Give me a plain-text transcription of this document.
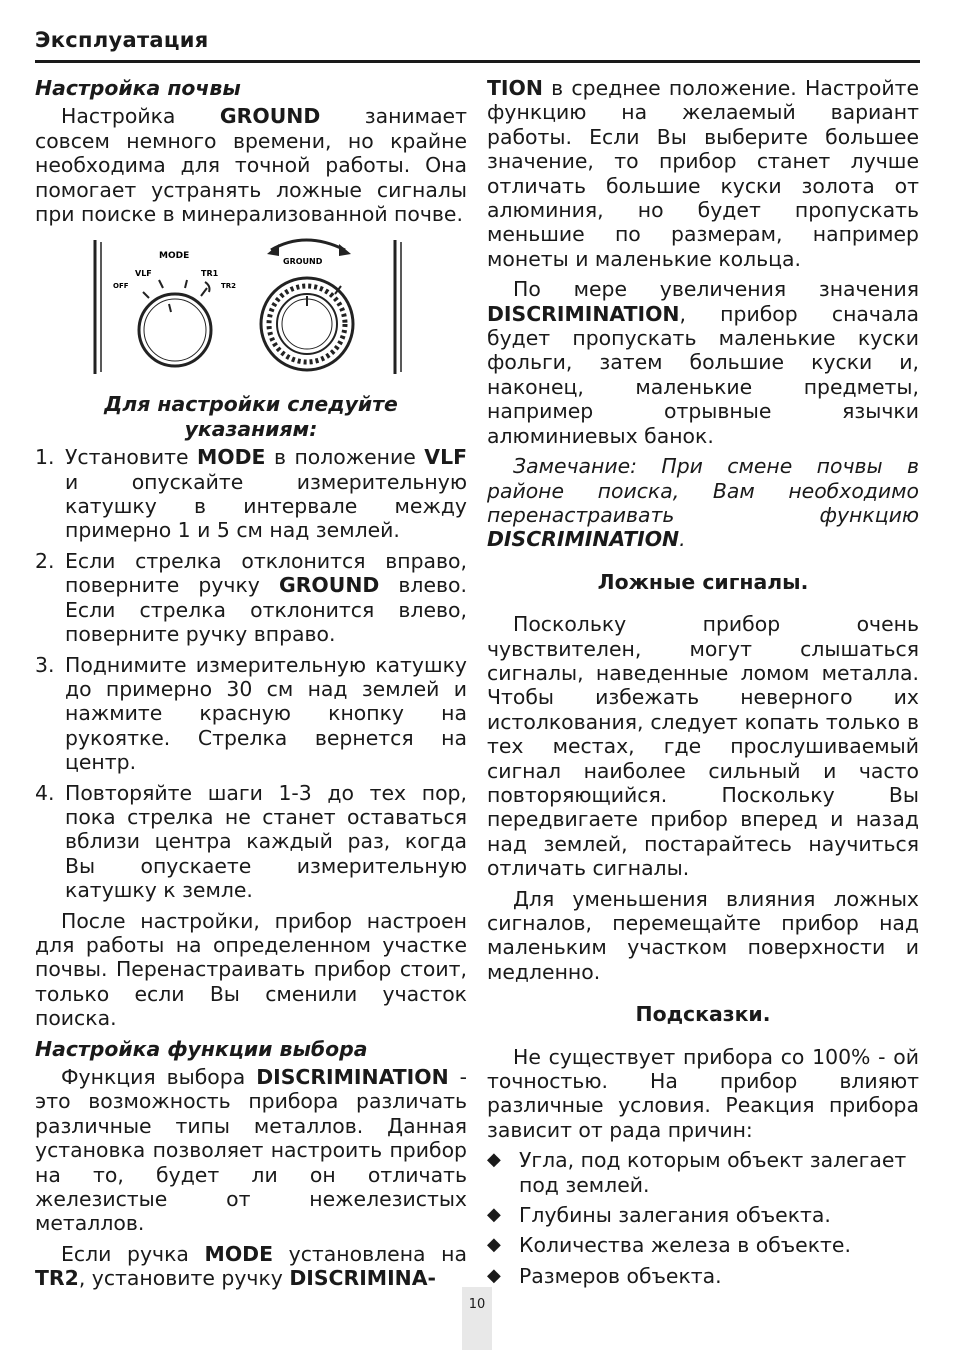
Эксплуатация

Настройка почвы

Настройка GROUND занимает совсем немного времени, но крайне необходима для точной работы. Она помогает устранять ложные сигналы при поиске в минерализованной почве.

MODE
VLF
OFF
TR1
TR2
GROUND

Для настройки следуйте указаниям:

1. Установите MODE в положение VLF и опускайте измерительную катушку в интервале между примерно 1 и 5 см над землей.
2. Если стрелка отклонится вправо, поверните ручку GROUND влево. Если стрелка отклонится влево, поверните ручку вправо.
3. Поднимите измерительную катушку до примерно 30 см над землей и нажмите красную кнопку на рукоятке. Стрелка вернется на центр.
4. Повторяйте шаги 1-3 до тех пор, пока стрелка не станет оставаться вблизи центра каждый раз, когда Вы опускаете измерительную катушку к земле.

После настройки, прибор настроен для работы на определенном участке почвы. Перенастраивать прибор стоит, только если Вы сменили участок поиска.

Настройка функции выбора

Функция выбора DISCRIMINATION - это возможность прибора различать различные типы металлов. Данная установка позволяет настроить прибор на то, будет ли он отличать железистые от нежелезистых металлов.

Если ручка MODE установлена на TR2, установите ручку DISCRIMINA-

TION в среднее положение. Настройте функцию на желаемый вариант работы. Если Вы выберите большее значение, то прибор станет лучше отличать большие куски золота от алюминия, но будет пропускать меньшие по размерам, например монеты и маленькие кольца.

По мере увеличения значения DISCRIMINATION, прибор сначала будет пропускать маленькие куски фольги, затем большие куски и, наконец, маленькие предметы, например отрывные язычки алюминиевых банок.

Замечание: При смене почвы в районе поиска, Вам необходимо перенастраивать функцию DISCRIMINATION.

Ложные сигналы.

Поскольку прибор очень чувствителен, могут слышаться сигналы, наведенные ломом металла. Чтобы избежать неверного их истолкования, следует копать только в тех местах, где прослушиваемый сигнал наиболее сильный и часто повторяющийся. Поскольку Вы передвигаете прибор вперед и назад над землей, постарайтесь научиться отличать сигналы.

Для уменьшения влияния ложных сигналов, перемещайте прибор над маленьким участком поверхности и медленно.

Подсказки.

Не существует прибора со 100% - ой точностью. На прибор влияют различные условия. Реакция прибора зависит от рада причин:

◆ Угла, под которым объект залегает под землей.
◆ Глубины залегания объекта.
◆ Количества железа в объекте.
◆ Размеров объекта.
10
